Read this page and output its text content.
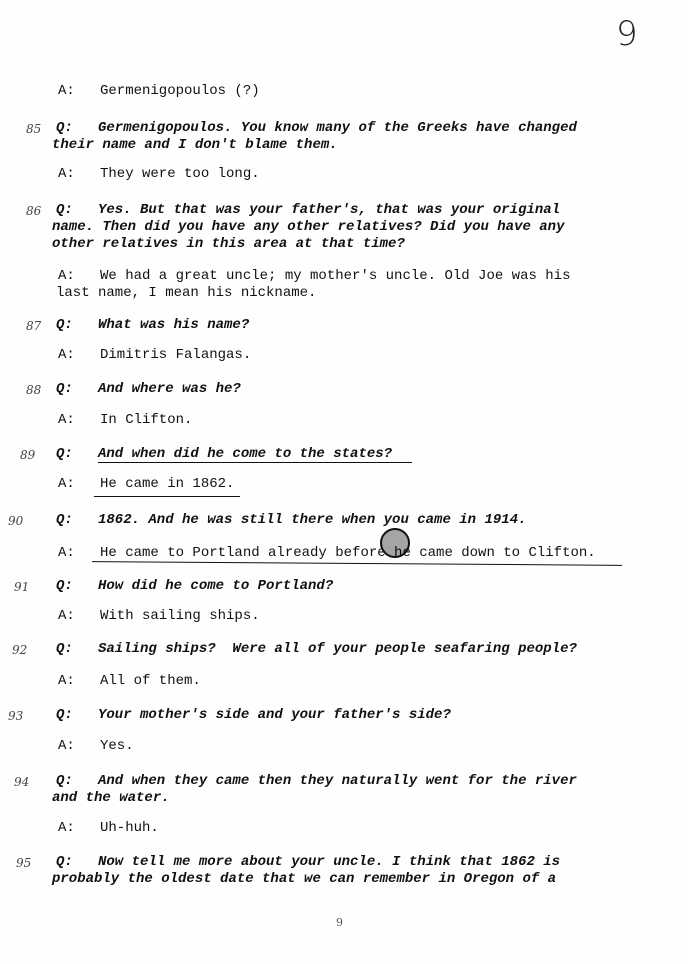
9
A: Germenigopoulos (?)
85 Q: Germenigopoulos. You know many of the Greeks have changed
their name and I don't blame them.
A: They were too long.
86 Q: Yes. But that was your father's, that was your original
name. Then did you have any other relatives? Did you have any
other relatives in this area at that time?
A: We had a great uncle; my mother's uncle. Old Joe was his
last name, I mean his nickname.
87 Q: What was his name?
A: Dimitris Falangas.
88 Q: And where was he?
A: In Clifton.
89 Q: And when did he come to the states?
A: He came in 1862.
90 Q: 1862. And he was still there when you came in 1914.
A: He came to Portland already before he came down to Clifton.
91 Q: How did he come to Portland?
A: With sailing ships.
92 Q: Sailing ships?  Were all of your people seafaring people?
A: All of them.
93 Q: Your mother's side and your father's side?
A: Yes.
94 Q: And when they came then they naturally went for the river
and the water.
A: Uh-huh.
95 Q: Now tell me more about your uncle. I think that 1862 is
probably the oldest date that we can remember in Oregon of a
9
